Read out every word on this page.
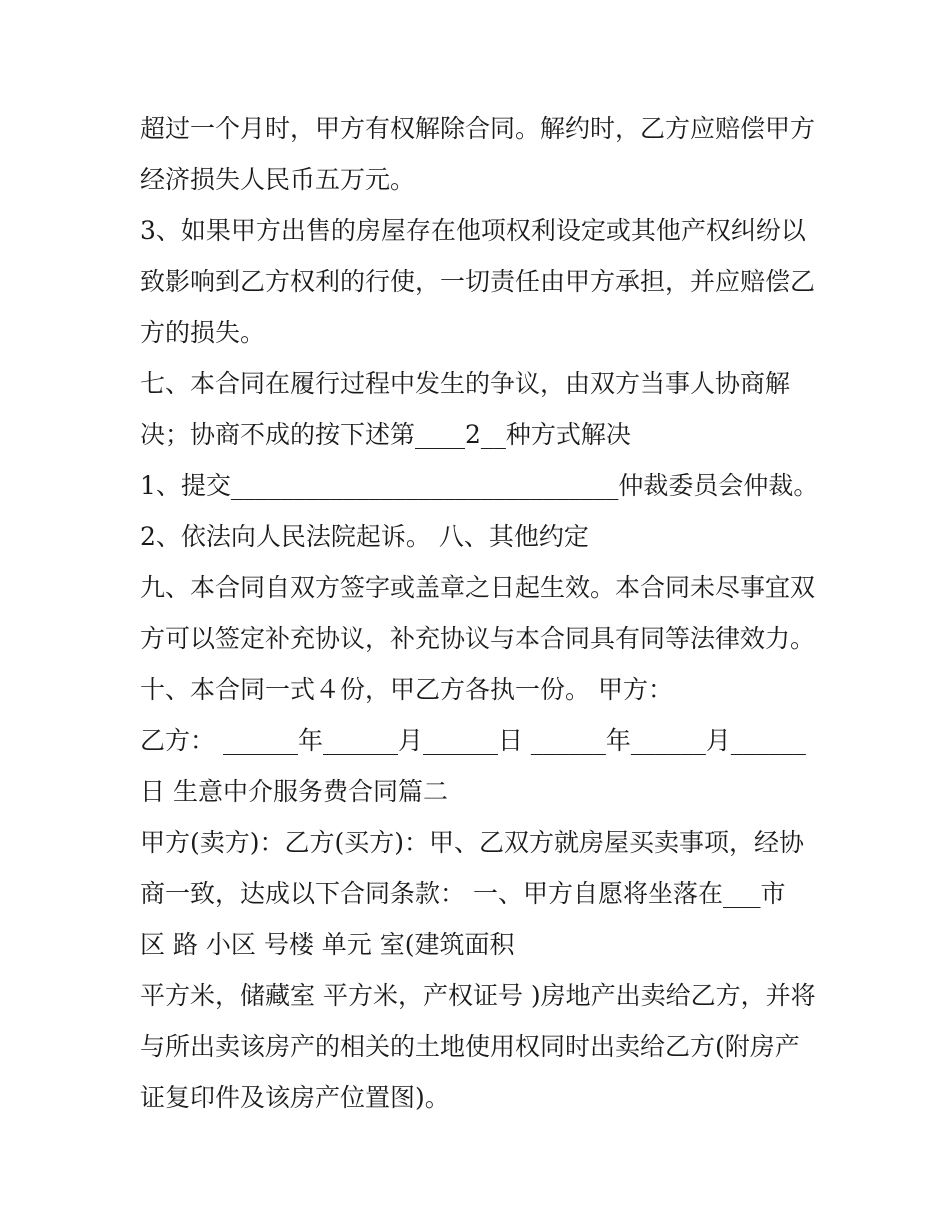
超过一个月时，甲方有权解除合同。解约时，乙方应赔偿甲方
经济损失人民币五万元。
3、如果甲方出售的房屋存在他项权利设定或其他产权纠纷以
致影响到乙方权利的行使，一切责任由甲方承担，并应赔偿乙
方的损失。
七、本合同在履行过程中发生的争议，由双方当事人协商解
决；协商不成的按下述第____2__种方式解决
1、提交_______________________________仲裁委员会仲裁。
2、依法向人民法院起诉。 八、其他约定
九、本合同自双方签字或盖章之日起生效。本合同未尽事宜双
方可以签定补充协议，补充协议与本合同具有同等法律效力。
十、本合同一式４份，甲乙方各执一份。 甲方：
乙方： ______年______月______日 ______年______月______
日 生意中介服务费合同篇二
甲方(卖方)：乙方(买方)：甲、乙双方就房屋买卖事项，经协
商一致，达成以下合同条款： 一、甲方自愿将坐落在___市
区 路 小区 号楼 单元 室(建筑面积
平方米，储藏室 平方米，产权证号 )房地产出卖给乙方，并将
与所出卖该房产的相关的土地使用权同时出卖给乙方(附房产
证复印件及该房产位置图)。
